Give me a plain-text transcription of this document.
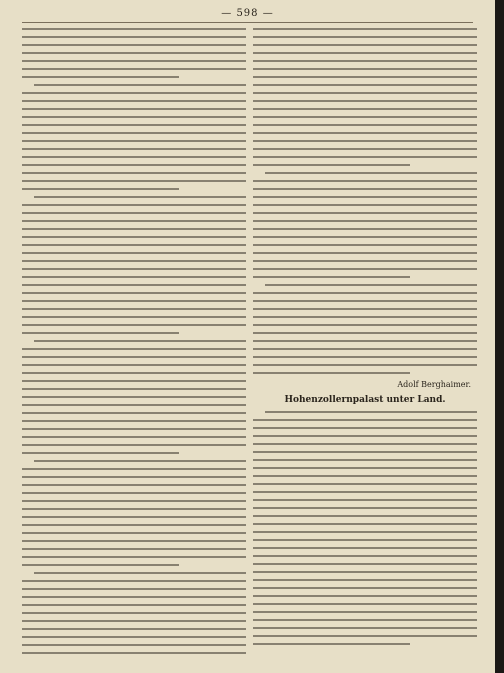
— 598 —
Adolf Berghaimer.
Hohenzollernpalast unter Land.
